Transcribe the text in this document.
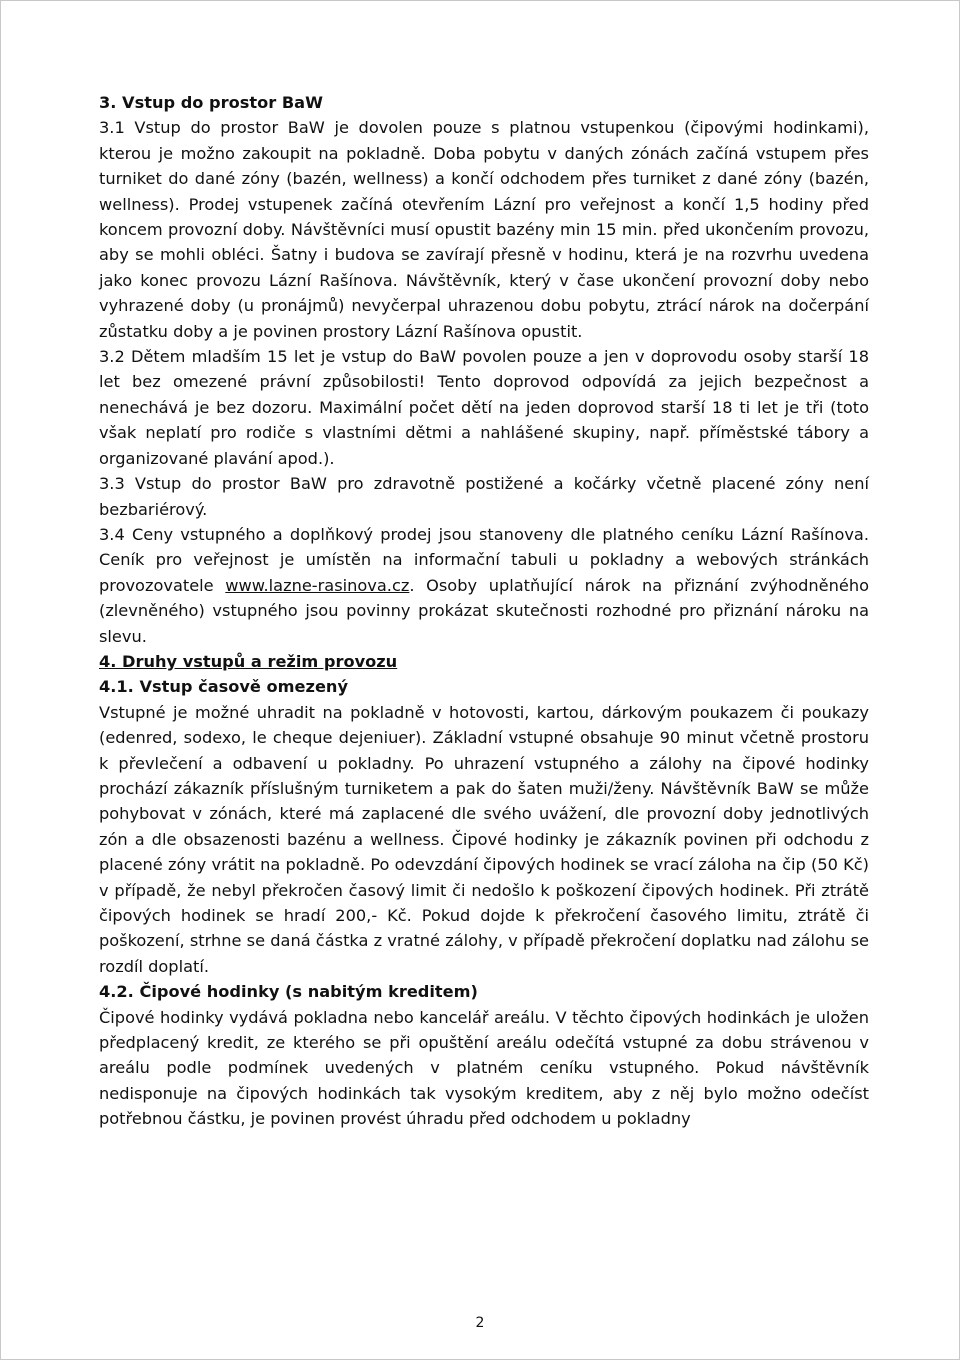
3. Vstup do prostor BaW

3.1 Vstup do prostor BaW je dovolen pouze s platnou vstupenkou (čipovými hodinkami), kterou je možno zakoupit na pokladně. Doba pobytu v daných zónách začíná vstupem přes turniket do dané zóny (bazén, wellness) a končí odchodem přes turniket z dané zóny (bazén, wellness). Prodej vstupenek začíná otevřením Lázní pro veřejnost a končí 1,5 hodiny před koncem provozní doby. Návštěvníci musí opustit bazény min 15 min. před ukončením provozu, aby se mohli obléci. Šatny i budova se zavírají přesně v hodinu, která je na rozvrhu uvedena jako konec provozu Lázní Rašínova. Návštěvník, který v čase ukončení provozní doby nebo vyhrazené doby (u pronájmů) nevyčerpal uhrazenou dobu pobytu, ztrácí nárok na dočerpání zůstatku doby a je povinen prostory Lázní Rašínova opustit.

3.2 Dětem mladším 15 let je vstup do BaW povolen pouze a jen v doprovodu osoby starší 18 let bez omezené právní způsobilosti! Tento doprovod odpovídá za jejich bezpečnost a nenechává je bez dozoru. Maximální počet dětí na jeden doprovod starší 18 ti let je tři (toto však neplatí pro rodiče s vlastními dětmi a nahlášené skupiny, např. příměstské tábory a organizované plavání apod.).

3.3 Vstup do prostor BaW pro zdravotně postižené a kočárky včetně placené zóny není bezbariérový.

3.4 Ceny vstupného a doplňkový prodej jsou stanoveny dle platného ceníku Lázní Rašínova. Ceník pro veřejnost je umístěn na informační tabuli u pokladny a webových stránkách provozovatele www.lazne-rasinova.cz. Osoby uplatňující nárok na přiznání zvýhodněného (zlevněného) vstupného jsou povinny prokázat skutečnosti rozhodné pro přiznání nároku na slevu.

4. Druhy vstupů a režim provozu

4.1. Vstup časově omezený

Vstupné je možné uhradit na pokladně v hotovosti, kartou, dárkovým poukazem či poukazy (edenred, sodexo, le cheque dejeniuer). Základní vstupné obsahuje 90 minut včetně prostoru k převlečení a odbavení u pokladny. Po uhrazení vstupného a zálohy na čipové hodinky prochází zákazník příslušným turniketem a pak do šaten muži/ženy. Návštěvník BaW se může pohybovat v zónách, které má zaplacené dle svého uvážení, dle provozní doby jednotlivých zón a dle obsazenosti bazénu a wellness. Čipové hodinky je zákazník povinen při odchodu z placené zóny vrátit na pokladně. Po odevzdání čipových hodinek se vrací záloha na čip (50 Kč) v případě, že nebyl překročen časový limit či nedošlo k poškození čipových hodinek. Při ztrátě čipových hodinek se hradí 200,- Kč. Pokud dojde k překročení časového limitu, ztrátě či poškození, strhne se daná částka z vratné zálohy, v případě překročení doplatku nad zálohu se rozdíl doplatí.

4.2. Čipové hodinky (s nabitým kreditem)

Čipové hodinky vydává pokladna nebo kancelář areálu. V těchto čipových hodinkách je uložen předplacený kredit, ze kterého se při opuštění areálu odečítá vstupné za dobu strávenou v areálu podle podmínek uvedených v platném ceníku vstupného. Pokud návštěvník nedisponuje na čipových hodinkách tak vysokým kreditem, aby z něj bylo možno odečíst potřebnou částku, je povinen provést úhradu před odchodem u pokladny

2
